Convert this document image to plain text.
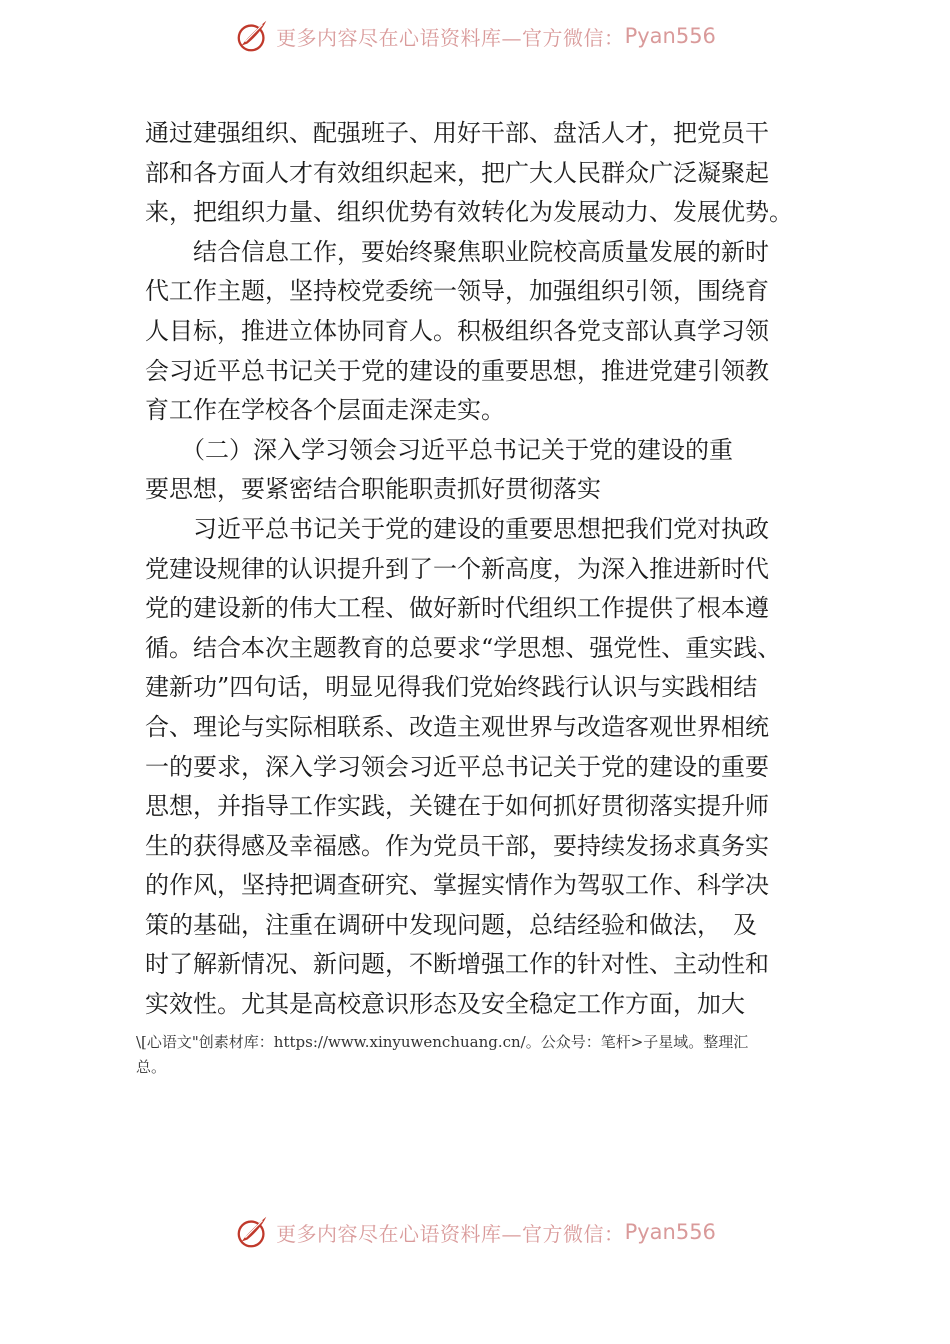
更多内容尽在心语资料库—官方微信： Pyan556
通过建强组织、配强班子、用好干部、盘活人才，把党员干
部和各方面人才有效组织起来，把广大人民群众广泛凝聚起
来，把组织力量、组织优势有效转化为发展动力、发展优势。
　　结合信息工作，要始终聚焦职业院校高质量发展的新时
代工作主题，坚持校党委统一领导，加强组织引领，围绕育
人目标，推进立体协同育人。积极组织各党支部认真学习领
会习近平总书记关于党的建设的重要思想，推进党建引领教
育工作在学校各个层面走深走实。
　　（二）深入学习领会习近平总书记关于党的建设的重
要思想，要紧密结合职能职责抓好贯彻落实
　　习近平总书记关于党的建设的重要思想把我们党对执政
党建设规律的认识提升到了一个新高度，为深入推进新时代
党的建设新的伟大工程、做好新时代组织工作提供了根本遵
循。结合本次主题教育的总要求“学思想、强党性、重实践、
建新功”四句话，明显见得我们党始终践行认识与实践相结
合、理论与实际相联系、改造主观世界与改造客观世界相统
一的要求，深入学习领会习近平总书记关于党的建设的重要
思想，并指导工作实践，关键在于如何抓好贯彻落实提升师
生的获得感及幸福感。作为党员干部，要持续发扬求真务实
的作风，坚持把调查研究、掌握实情作为驾驭工作、科学决
策的基础，注重在调研中发现问题，总结经验和做法，　及
时了解新情况、新问题，不断增强工作的针对性、主动性和
实效性。尤其是高校意识形态及安全稳定工作方面，加大
\[心语文"创素材库：https://www.xinyuwenchuang.cn/。公众号：笔杆>子星域。整理汇
总。
更多内容尽在心语资料库—官方微信： Pyan556
